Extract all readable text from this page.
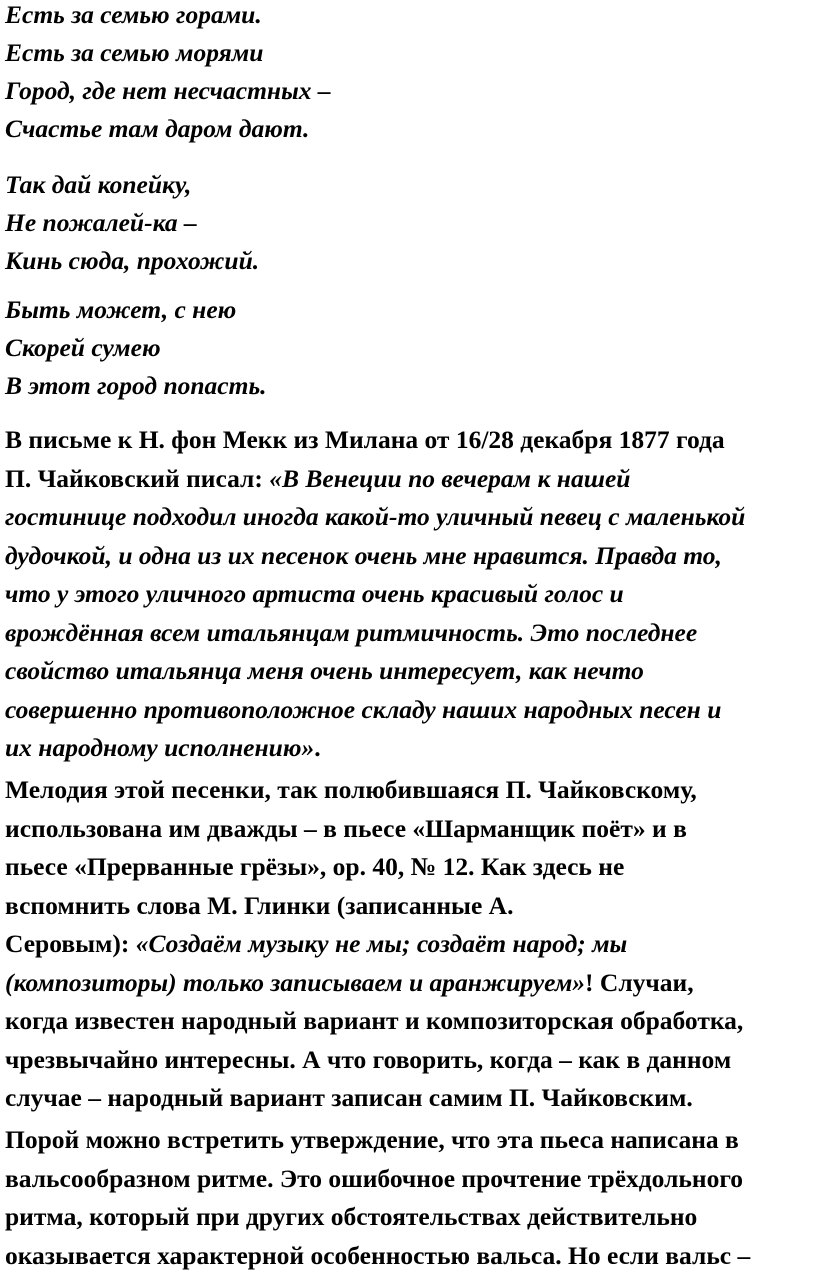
Есть за семью горами.
Есть за семью морями
Город, где нет несчастных –
Счастье там даром дают.
Так дай копейку,
Не пожалей-ка –
Кинь сюда, прохожий.
Быть может, с нею
Скорей сумею
В этот город попасть.
В письме к Н. фон Мекк из Милана от 16/28 декабря 1877 года
П. Чайковский писал: «В Венеции по вечерам к нашей
гостинице подходил иногда какой-то уличный певец с маленькой
дудочкой, и одна из их песенок очень мне нравится. Правда то,
что у этого уличного артиста очень красивый голос и
врождённая всем итальянцам ритмичность. Это последнее
свойство итальянца меня очень интересует, как нечто
совершенно противоположное складу наших народных песен и
их народному исполнению».
Мелодия этой песенки, так полюбившаяся П. Чайковскому,
использована им дважды – в пьесе «Шарманщик поёт» и в
пьесе «Прерванные грёзы», ор. 40, № 12. Как здесь не
вспомнить слова М. Глинки (записанные А.
Серовым): «Создаём музыку не мы; создаёт народ; мы
(композиторы) только записываем и аранжируем»! Случаи,
когда известен народный вариант и композиторская обработка,
чрезвычайно интересны. А что говорить, когда – как в данном
случае – народный вариант записан самим П. Чайковским.
Порой можно встретить утверждение, что эта пьеса написана в
вальсообразном ритме. Это ошибочное прочтение трёхдольного
ритма, который при других обстоятельствах действительно
оказывается характерной особенностью вальса. Но если вальс –
